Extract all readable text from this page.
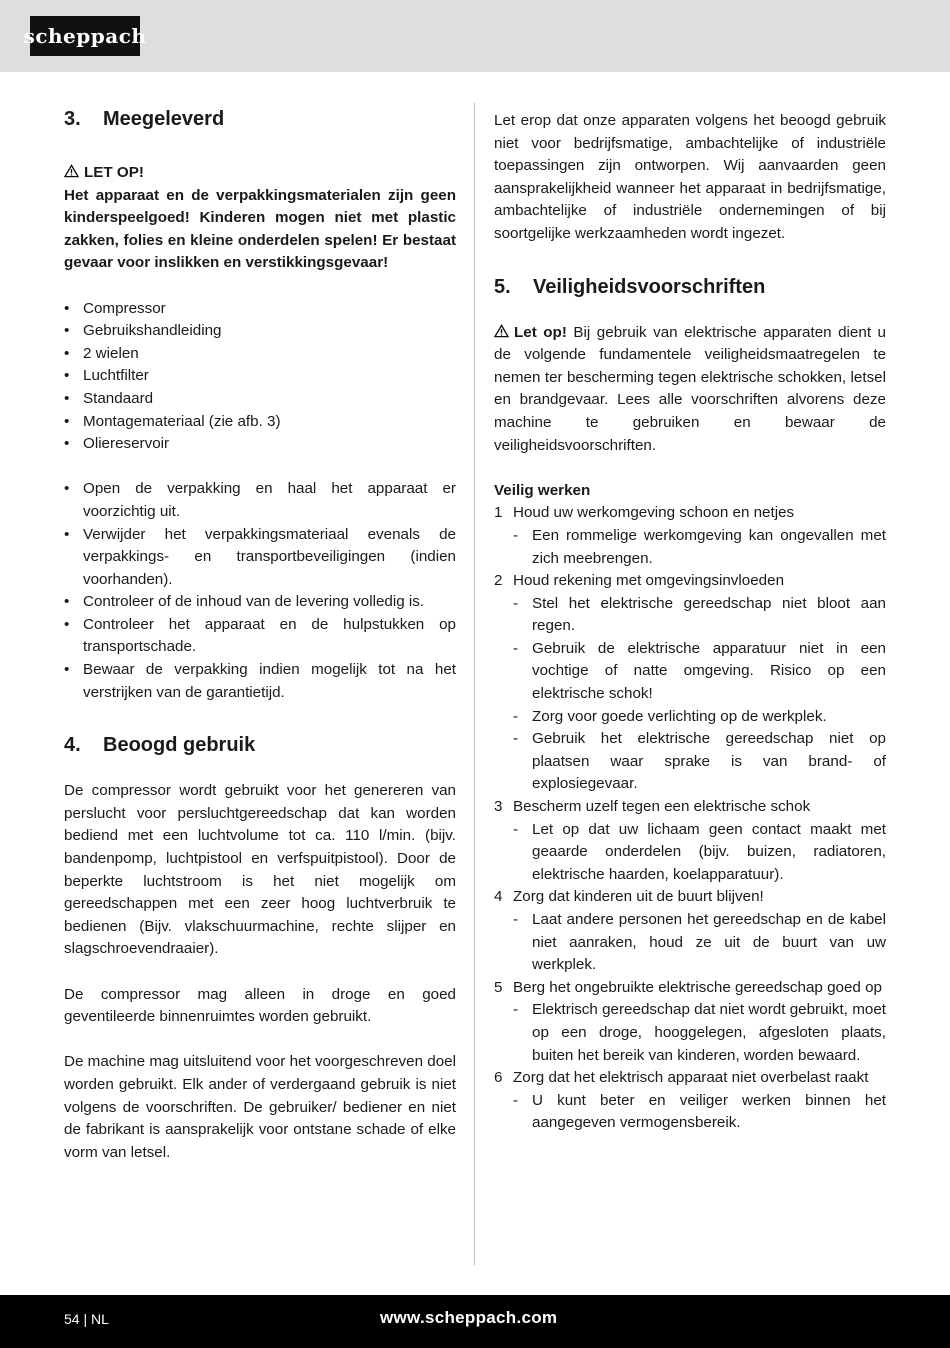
scheppach
3.	Meegeleverd

LET OP!

Het apparaat en de verpakkingsmaterialen zijn geen kinderspeelgoed! Kinderen mogen niet met plastic zakken, folies en kleine onderdelen spelen! Er bestaat gevaar voor inslikken en verstikkingsgevaar!

• Compressor
• Gebruikshandleiding
• 2 wielen
• Luchtfilter
• Standaard
• Montagemateriaal (zie afb. 3)
• Oliereservoir
• Open de verpakking en haal het apparaat er voorzichtig uit.
• Verwijder het verpakkingsmateriaal evenals de verpakkings- en transportbeveiligingen (indien voorhanden).
• Controleer of de inhoud van de levering volledig is.
• Controleer het apparaat en de hulpstukken op transportschade.
• Bewaar de verpakking indien mogelijk tot na het verstrijken van de garantietijd.
4.	Beoogd gebruik

De compressor wordt gebruikt voor het genereren van perslucht voor persluchtgereedschap dat kan worden bediend met een luchtvolume tot ca. 110 l/min. (bijv. bandenpomp, luchtpistool en verfspuitpistool). Door de beperkte luchtstroom is het niet mogelijk om gereedschappen met een zeer hoog luchtverbruik te bedienen (Bijv. vlakschuurmachine, rechte slijper en slagschroevendraaier).

De compressor mag alleen in droge en goed geventileerde binnenruimtes worden gebruikt.

De machine mag uitsluitend voor het voorgeschreven doel worden gebruikt. Elk ander of verdergaand gebruik is niet volgens de voorschriften. De gebruiker/ bediener en niet de fabrikant is aansprakelijk voor ontstane schade of elke vorm van letsel.

Let erop dat onze apparaten volgens het beoogd gebruik niet voor bedrijfsmatige, ambachtelijke of industriële toepassingen zijn ontworpen. Wij aanvaarden geen aansprakelijkheid wanneer het apparaat in bedrijfsmatige, ambachtelijke of industriële ondernemingen of bij soortgelijke werkzaamheden wordt ingezet.

5.	Veiligheidsvoorschriften

Let op! Bij gebruik van elektrische apparaten dient u de volgende fundamentele veiligheidsmaatregelen te nemen ter bescherming tegen elektrische schokken, letsel en brandgevaar. Lees alle voorschriften alvorens deze machine te gebruiken en bewaar de veiligheidsvoorschriften.

Veilig werken

1 Houd uw werkomgeving schoon en netjes
- Een rommelige werkomgeving kan ongevallen met zich meebrengen.
2 Houd rekening met omgevingsinvloeden
- Stel het elektrische gereedschap niet bloot aan regen.
- Gebruik de elektrische apparatuur niet in een vochtige of natte omgeving. Risico op een elektrische schok!
- Zorg voor goede verlichting op de werkplek.
- Gebruik het elektrische gereedschap niet op plaatsen waar sprake is van brand- of explosiegevaar.
3 Bescherm uzelf tegen een elektrische schok
- Let op dat uw lichaam geen contact maakt met geaarde onderdelen (bijv. buizen, radiatoren, elektrische haarden, koelapparatuur).
4 Zorg dat kinderen uit de buurt blijven!
- Laat andere personen het gereedschap en de kabel niet aanraken, houd ze uit de buurt van uw werkplek.
5 Berg het ongebruikte elektrische gereedschap goed op
- Elektrisch gereedschap dat niet wordt gebruikt, moet op een droge, hooggelegen, afgesloten plaats, buiten het bereik van kinderen, worden bewaard.
6 Zorg dat het elektrisch apparaat niet overbelast raakt
- U kunt beter en veiliger werken binnen het aangegeven vermogensbereik.
54 | NL	www.scheppach.com
